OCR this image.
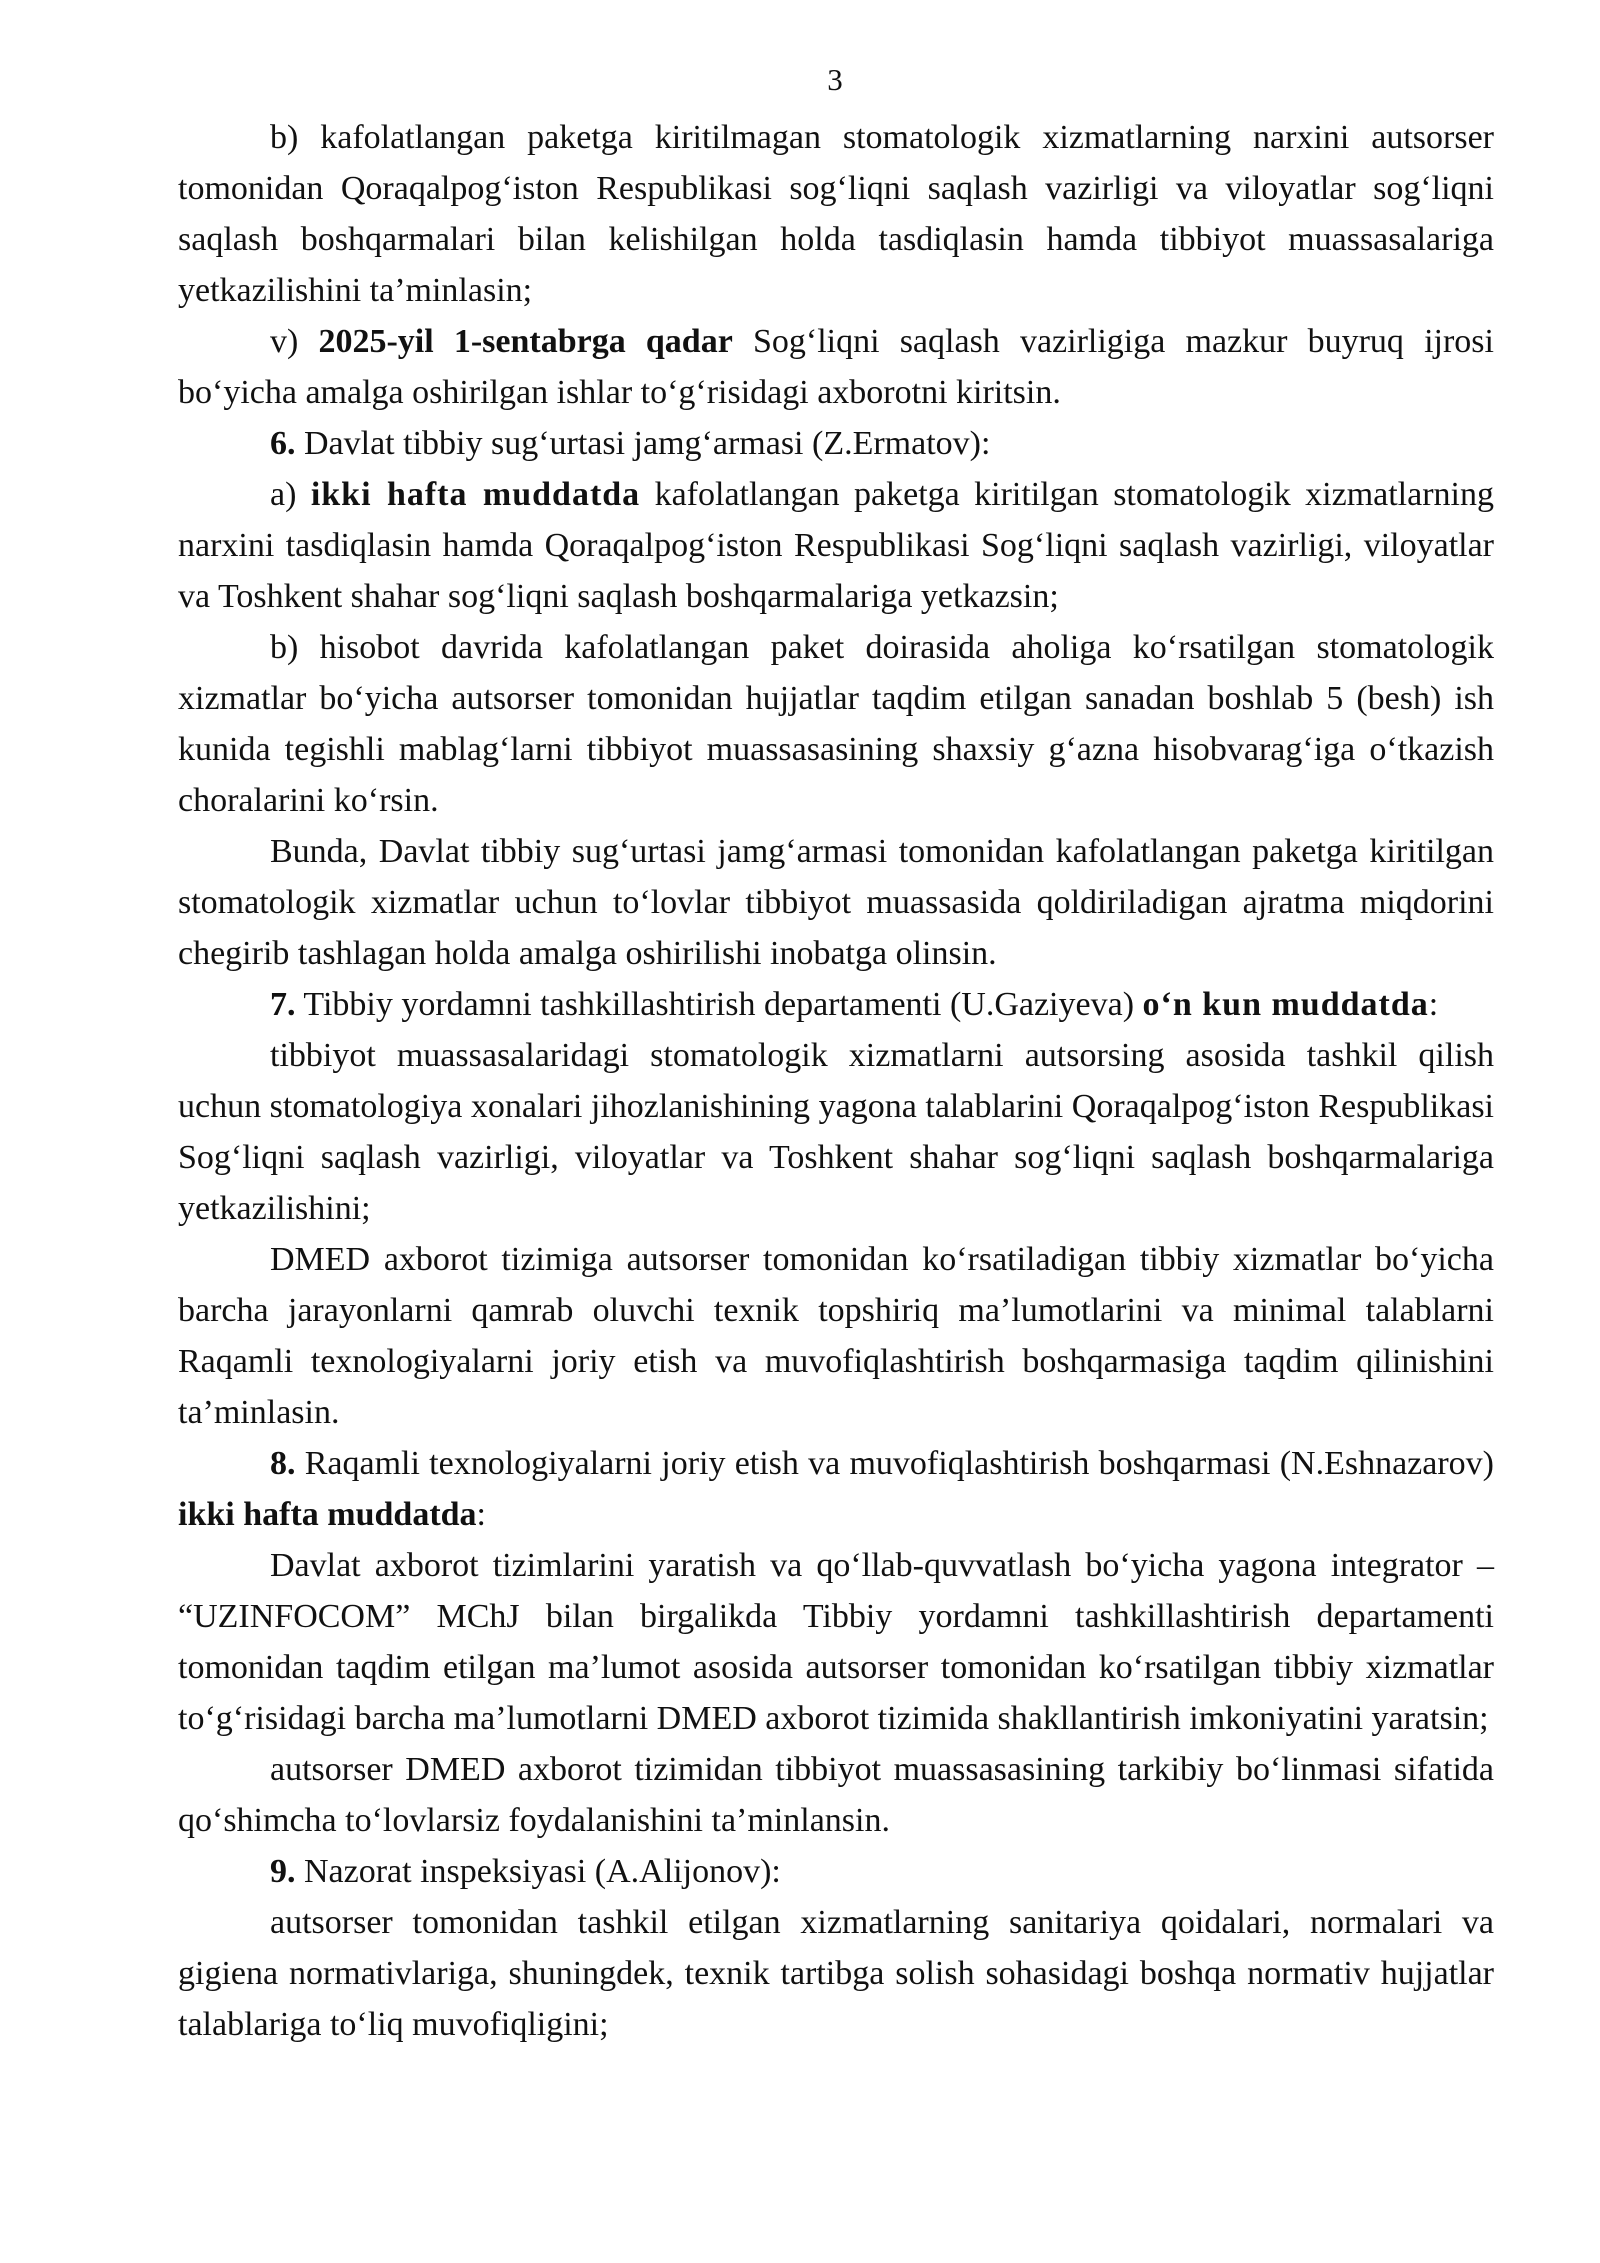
3

b) kafolatlangan paketga kiritilmagan stomatologik xizmatlarning narxini autsorser tomonidan Qoraqalpog‘iston Respublikasi sog‘liqni saqlash vazirligi va viloyatlar sog‘liqni saqlash boshqarmalari bilan kelishilgan holda tasdiqlasin hamda tibbiyot muassasalariga yetkazilishini ta’minlasin;

v) 2025-yil 1-sentabrga qadar Sog‘liqni saqlash vazirligiga mazkur buyruq ijrosi bo‘yicha amalga oshirilgan ishlar to‘g‘risidagi axborotni kiritsin.

6. Davlat tibbiy sug‘urtasi jamg‘armasi (Z.Ermatov):

a) ikki hafta muddatda kafolatlangan paketga kiritilgan stomatologik xizmatlarning narxini tasdiqlasin hamda Qoraqalpog‘iston Respublikasi Sog‘liqni saqlash vazirligi, viloyatlar va Toshkent shahar sog‘liqni saqlash boshqarmalariga yetkazsin;

b) hisobot davrida kafolatlangan paket doirasida aholiga ko‘rsatilgan stomatologik xizmatlar bo‘yicha autsorser tomonidan hujjatlar taqdim etilgan sanadan boshlab 5 (besh) ish kunida tegishli mablag‘larni tibbiyot muassasasining shaxsiy g‘azna hisobvarag‘iga o‘tkazish choralarini ko‘rsin.

Bunda, Davlat tibbiy sug‘urtasi jamg‘armasi tomonidan kafolatlangan paketga kiritilgan stomatologik xizmatlar uchun to‘lovlar tibbiyot muassasida qoldiriladigan ajratma miqdorini chegirib tashlagan holda amalga oshirilishi inobatga olinsin.

7. Tibbiy yordamni tashkillashtirish departamenti (U.Gaziyeva) o‘n kun muddatda:

tibbiyot muassasalaridagi stomatologik xizmatlarni autsorsing asosida tashkil qilish uchun stomatologiya xonalari jihozlanishining yagona talablarini Qoraqalpog‘iston Respublikasi Sog‘liqni saqlash vazirligi, viloyatlar va Toshkent shahar sog‘liqni saqlash boshqarmalariga yetkazilishini;

DMED axborot tizimiga autsorser tomonidan ko‘rsatiladigan tibbiy xizmatlar bo‘yicha barcha jarayonlarni qamrab oluvchi texnik topshiriq ma’lumotlarini va minimal talablarni Raqamli texnologiyalarni joriy etish va muvofiqlashtirish boshqarmasiga taqdim qilinishini ta’minlasin.

8. Raqamli texnologiyalarni joriy etish va muvofiqlashtirish boshqarmasi (N.Eshnazarov) ikki hafta muddatda:

Davlat axborot tizimlarini yaratish va qo‘llab-quvvatlash bo‘yicha yagona integrator – “UZINFOCOM” MChJ bilan birgalikda Tibbiy yordamni tashkillashtirish departamenti tomonidan taqdim etilgan ma’lumot asosida autsorser tomonidan ko‘rsatilgan tibbiy xizmatlar to‘g‘risidagi barcha ma’lumotlarni DMED axborot tizimida shakllantirish imkoniyatini yaratsin;

autsorser DMED axborot tizimidan tibbiyot muassasasining tarkibiy bo‘linmasi sifatida qo‘shimcha to‘lovlarsiz foydalanishini ta’minlansin.

9. Nazorat inspeksiyasi (A.Alijonov):

autsorser tomonidan tashkil etilgan xizmatlarning sanitariya qoidalari, normalari va gigiena normativlariga, shuningdek, texnik tartibga solish sohasidagi boshqa normativ hujjatlar talablariga to‘liq muvofiqligini;
